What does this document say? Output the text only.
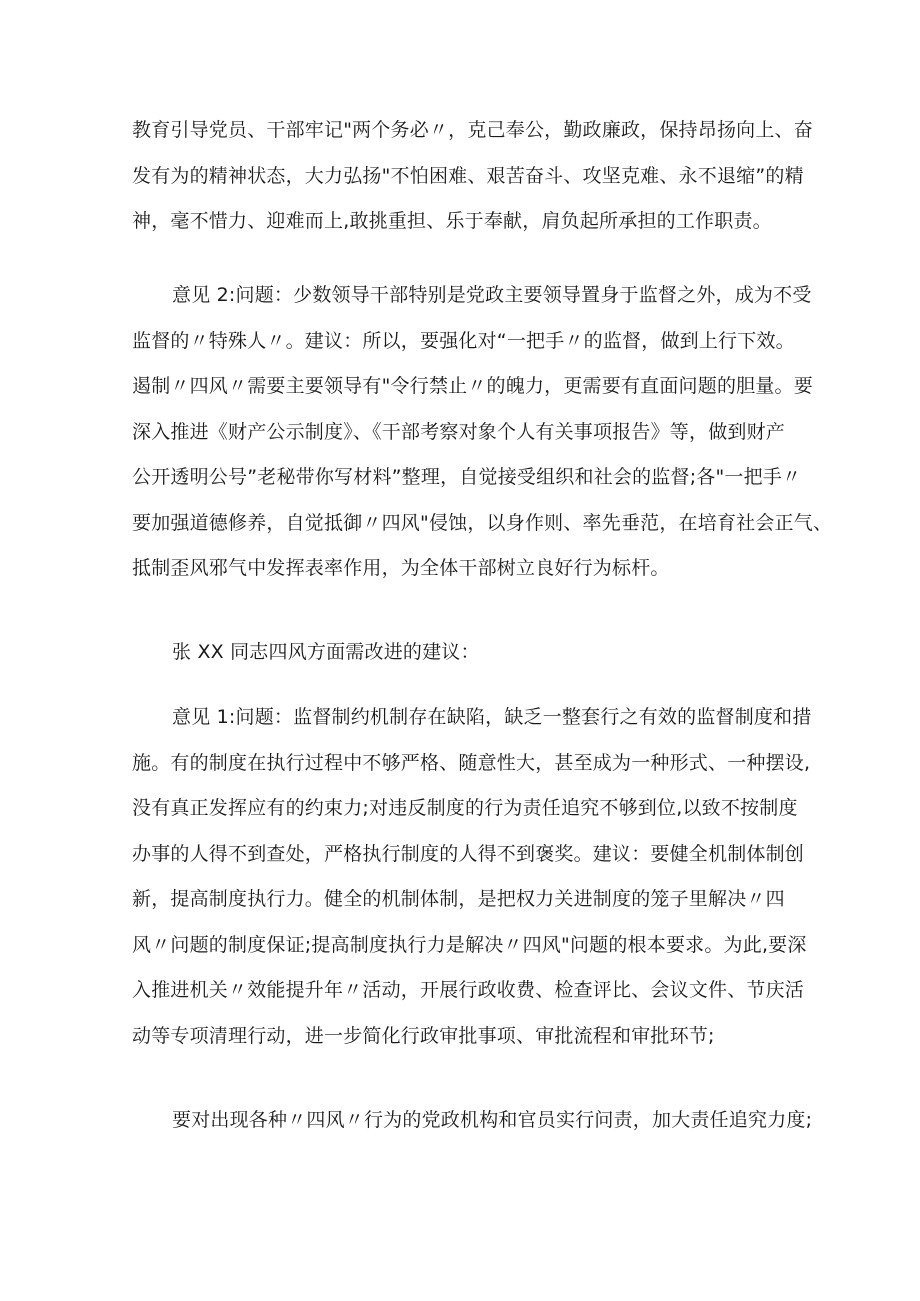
教育引导党员、干部牢记"两个务必〃，克己奉公，勤政廉政，保持昂扬向上、奋
发有为的精神状态，大力弘扬"不怕困难、艰苦奋斗、攻坚克难、永不退缩”的精
神，毫不惜力、迎难而上,敢挑重担、乐于奉献，肩负起所承担的工作职责。
意见 2:问题：少数领导干部特别是党政主要领导置身于监督之外，成为不受
监督的〃特殊人〃。建议：所以，要强化对“一把手〃的监督，做到上行下效。
遏制〃四风〃需要主要领导有"令行禁止〃的魄力，更需要有直面问题的胆量。要
深入推进《财产公示制度》、《干部考察对象个人有关事项报告》等，做到财产
公开透明公号”老秘带你写材料”整理，自觉接受组织和社会的监督;各"一把手〃
要加强道德修养，自觉抵御〃四风"侵蚀，以身作则、率先垂范，在培育社会正气、
抵制歪风邪气中发挥表率作用，为全体干部树立良好行为标杆。
张 XX 同志四风方面需改进的建议：
意见 1:问题：监督制约机制存在缺陷，缺乏一整套行之有效的监督制度和措
施。有的制度在执行过程中不够严格、随意性大，甚至成为一种形式、一种摆设,
没有真正发挥应有的约束力;对违反制度的行为责任追究不够到位,以致不按制度
办事的人得不到查处，严格执行制度的人得不到褒奖。建议：要健全机制体制创
新，提高制度执行力。健全的机制体制，是把权力关进制度的笼子里解决〃四
风〃问题的制度保证;提高制度执行力是解决〃四风"问题的根本要求。为此,要深
入推进机关〃效能提升年〃活动，开展行政收费、检查评比、会议文件、节庆活
动等专项清理行动，进一步简化行政审批事项、审批流程和审批环节;
要对出现各种〃四风〃行为的党政机构和官员实行问责，加大责任追究力度;
